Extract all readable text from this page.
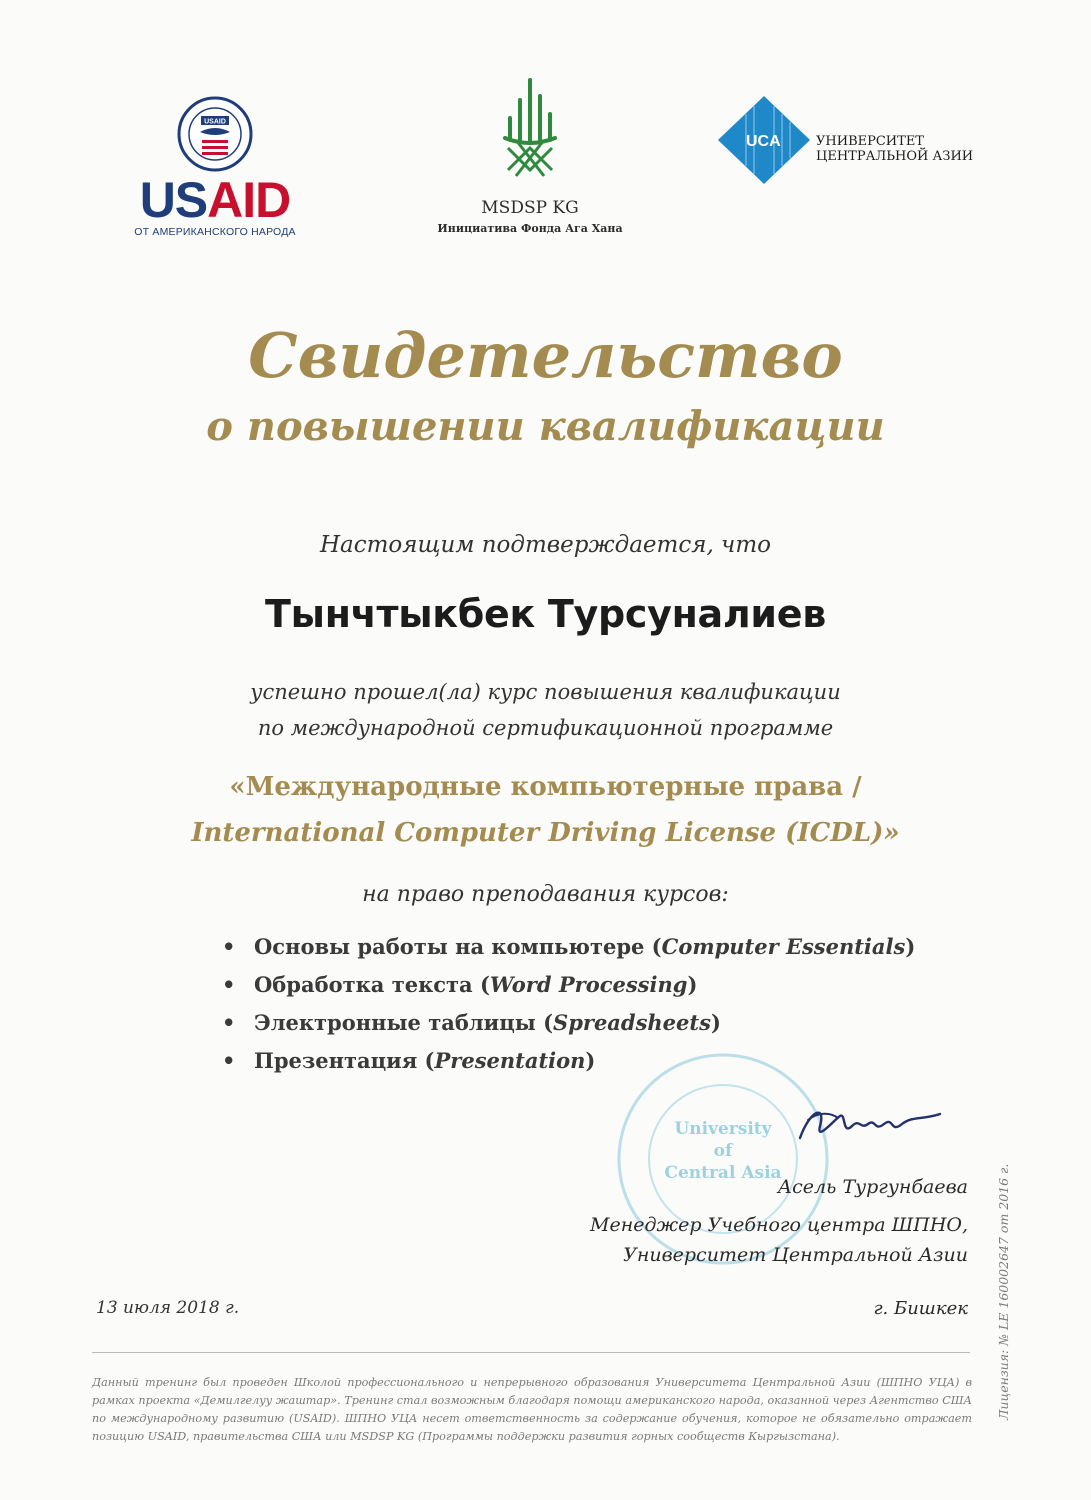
USAID
USAID
ОТ АМЕРИКАНСКОГО НАРОДА
MSDSP KG
Инициатива Фонда Ага Хана
UCA	УНИВЕРСИТЕТ
ЦЕНТРАЛЬНОЙ АЗИИ
Свидетельство
о повышении квалификации
Настоящим подтверждается, что
Тынчтыкбек Турсуналиев
успешно прошел(ла) курс повышения квалификации
по международной сертификационной программе
«Международные компьютерные права /
International Computer Driving License (ICDL)»
на право преподавания курсов:
• Основы работы на компьютере (Computer Essentials)
• Обработка текста (Word Processing)
• Электронные таблицы (Spreadsheets)
• Презентация (Presentation)
University
of
Central Asia
Асель Тургунбаева
Менеджер Учебного центра ШПНО,
Университет Центральной Азии
13 июля 2018 г.	г. Бишкек
Данный тренинг был проведен Школой профессионального и непрерывного образования Университета Центральной Азии (ШПНО УЦА) в рамках проекта «Демилгелуу жаштар». Тренинг стал возможным благодаря помощи американского народа, оказанной через Агентство США по международному развитию (USAID). ШПНО УЦА несет ответственность за содержание обучения, которое не обязательно отражает позицию USAID, правительства США или MSDSP KG (Программы поддержки развития горных сообществ Кыргызстана).
Лицензия: № LE 160002647 от 2016 г.
